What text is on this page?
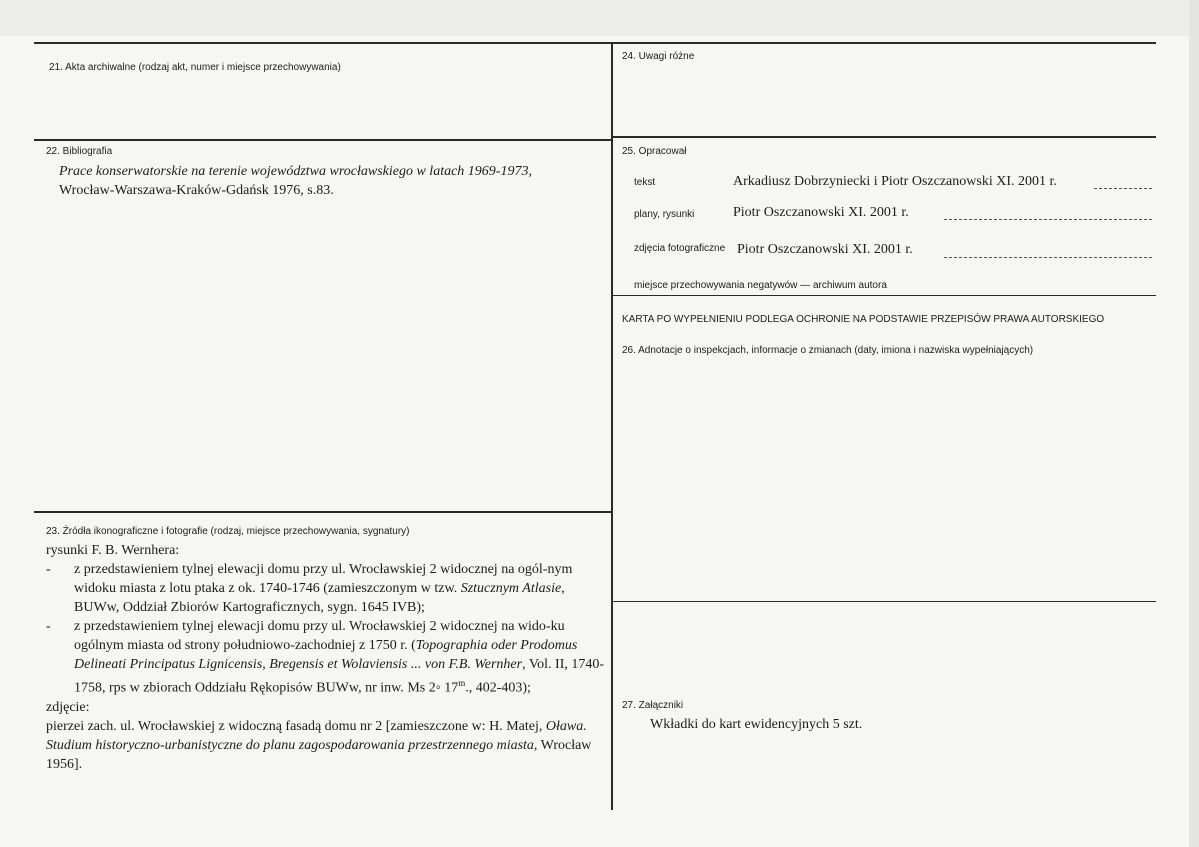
21. Akta archiwalne (rodzaj akt, numer i miejsce przechowywania)
22. Bibliografia
Prace konserwatorskie na terenie województwa wrocławskiego w latach 1969-1973,
Wrocław-Warszawa-Kraków-Gdańsk 1976, s.83.
23. Źródła ikonograficzne i fotografie (rodzaj, miejsce przechowywania, sygnatury)

rysunki F. B. Wernhera:

- z przedstawieniem tylnej elewacji domu przy ul. Wrocławskiej 2 widocznej na ogól-nym widoku miasta z lotu ptaka z ok. 1740-1746 (zamieszczonym w tzw. Sztucznym Atlasie, BUWw, Oddział Zbiorów Kartograficznych, sygn. 1645 IVB);
- z przedstawieniem tylnej elewacji domu przy ul. Wrocławskiej 2 widocznej na wido-ku ogólnym miasta od strony południowo-zachodniej z 1750 r. (Topographia oder Prodomus Delineati Principatus Lignicensis, Bregensis et Wolaviensis ... von F.B. Wernher, Vol. II, 1740-1758, rps w zbiorach Oddziału Rękopisów BUWw, nr inw. Ms 2◦ 17$^m$., 402-403);

zdjęcie:

pierzei zach. ul. Wrocławskiej z widoczną fasadą domu nr 2 [zamieszczone w: H. Matej, Oława. Studium historyczno-urbanistyczne do planu zagospodarowania przestrzennego miasta, Wrocław 1956].

24. Uwagi różne
25. Opracował
tekst	Arkadiusz Dobrzyniecki i Piotr Oszczanowski XI. 2001 r.
plany, rysunki	Piotr Oszczanowski XI. 2001 r.
zdjęcia fotograficzne Piotr Oszczanowski XI. 2001 r.
miejsce przechowywania negatywów — archiwum autora
KARTA PO WYPEŁNIENIU PODLEGA OCHRONIE NA PODSTAWIE PRZEPISÓW PRAWA AUTORSKIEGO
26. Adnotacje o inspekcjach, informacje o zmianach (daty, imiona i nazwiska wypełniających)
27. Załączniki
Wkładki do kart ewidencyjnych 5 szt.
